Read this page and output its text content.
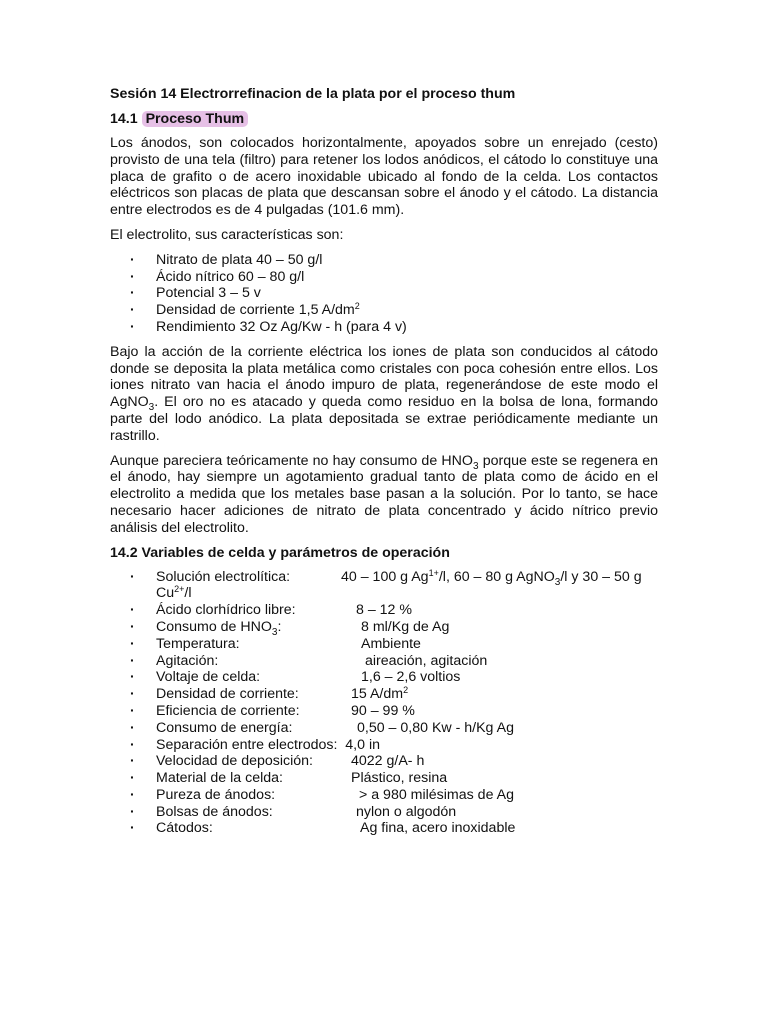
Sesión 14 Electrorrefinacion de la plata por el proceso thum
14.1 Proceso Thum

Los ánodos, son colocados horizontalmente, apoyados sobre un enrejado (cesto) provisto de una tela (filtro) para retener los lodos anódicos, el cátodo lo constituye una placa de grafito o de acero inoxidable ubicado al fondo de la celda. Los contactos eléctricos son placas de plata que descansan sobre el ánodo y el cátodo. La distancia entre electrodos es de 4 pulgadas (101.6 mm).

El electrolito, sus características son:

· Nitrato de plata 40 – 50 g/l
· Ácido nítrico 60 – 80 g/l
· Potencial 3 – 5 v
· Densidad de corriente 1,5 $A/dm^2$
· Rendimiento 32 Oz Ag/Kw - h (para 4 v)

Bajo la acción de la corriente eléctrica los iones de plata son conducidos al cátodo donde se deposita la plata metálica como cristales con poca cohesión entre ellos. Los iones nitrato van hacia el ánodo impuro de plata, regenerándose de este modo el AgNO$_3$. El oro no es atacado y queda como residuo en la bolsa de lona, formando parte del lodo anódico. La plata depositada se extrae periódicamente mediante un rastrillo.

Aunque pareciera teóricamente no hay consumo de $HNO_3$ porque este se regenera en el ánodo, hay siempre un agotamiento gradual tanto de plata como de ácido en el electrolito a medida que los metales base pasan a la solución. Por lo tanto, se hace necesario hacer adiciones de nitrato de plata concentrado y ácido nítrico previo análisis del electrolito.

14.2 Variables de celda y parámetros de operación
· Solución electrolítica:	40 – 100 g $Ag^{1+}/l$, 60 – 80 g AgNO$_3$/l y 30 – 50 g
$Cu^{2+}/l$
· Ácido clorhídrico libre:	8 – 12 %
· Consumo de $HNO_3$:	8 ml/Kg de Ag
· Temperatura:	Ambiente
· Agitación:	aireación, agitación
· Voltaje de celda:	1,6 – 2,6 voltios
· Densidad de corriente:	15 $A/dm^2$
· Eficiencia de corriente:	90 – 99 %
· Consumo de energía:	0,50 – 0,80 Kw - h/Kg Ag
· Separación entre electrodos: 4,0 in
· Velocidad de deposición:	4022 g/A- h
· Material de la celda:	Plástico, resina
· Pureza de ánodos:	> a 980 milésimas de Ag
· Bolsas de ánodos:	nylon o algodón
· Cátodos:	Ag fina, acero inoxidable
